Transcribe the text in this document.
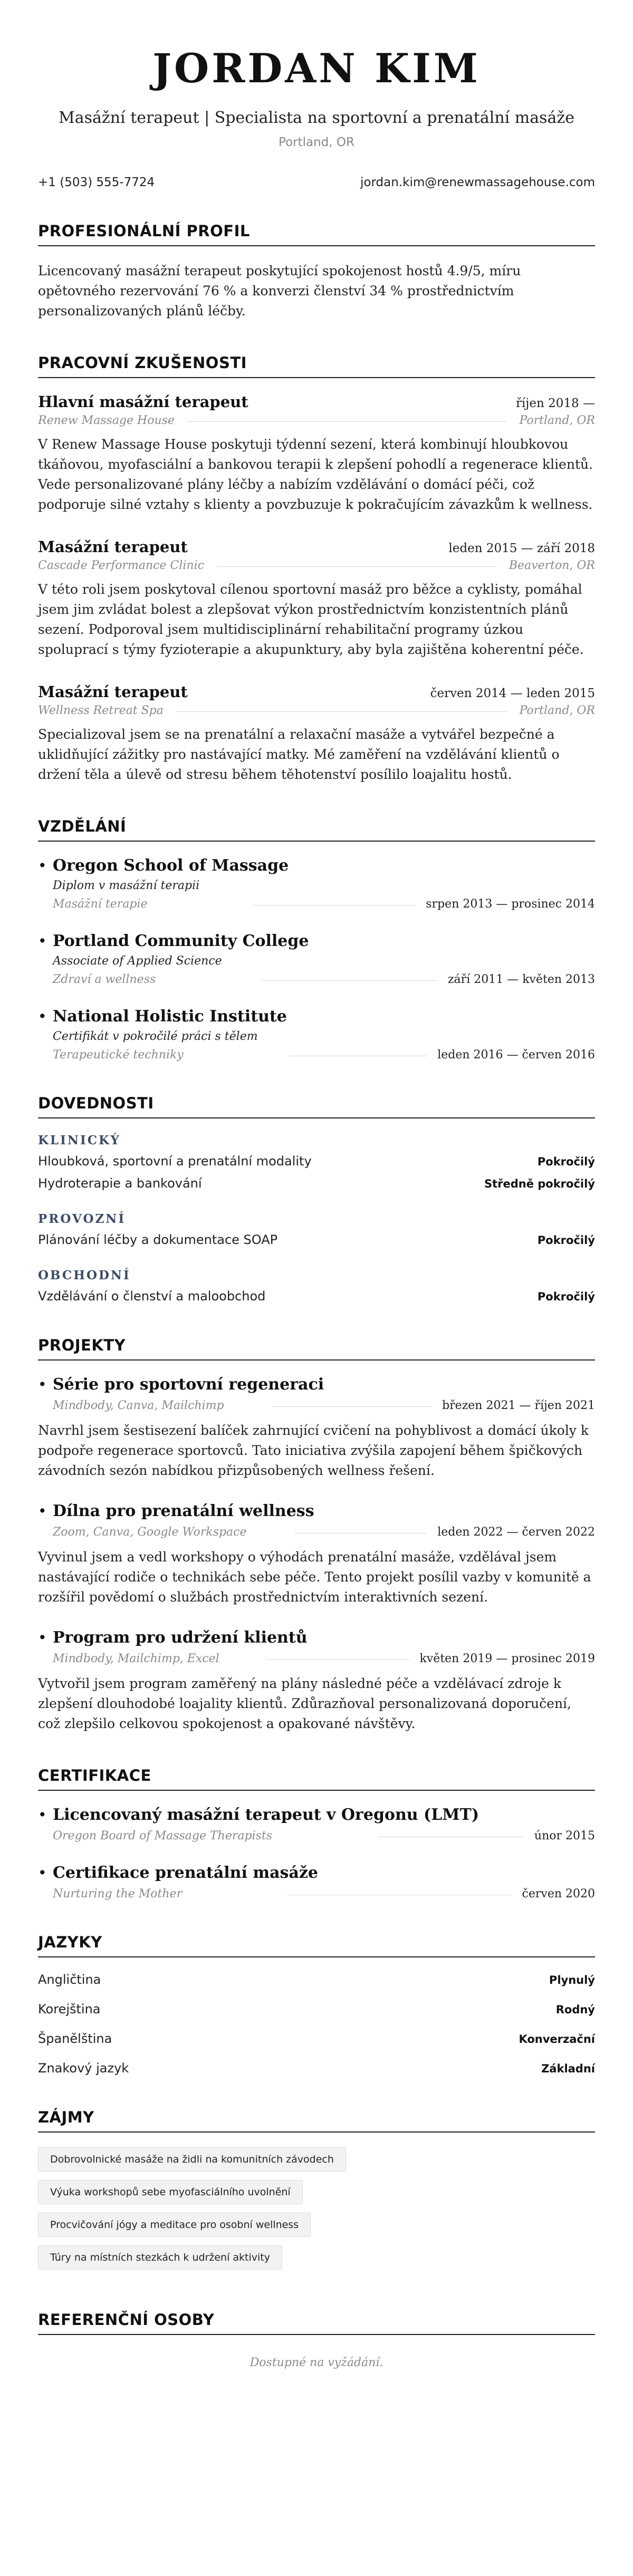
JORDAN KIM
Masážní terapeut | Specialista na sportovní a prenatální masáže
Portland, OR
+1 (503) 555-7724	jordan.kim@renewmassagehouse.com
PROFESIONÁLNÍ PROFIL

Licencovaný masážní terapeut poskytující spokojenost hostů 4.9/5, míru opětovného rezervování 76 % a konverzi členství 34 % prostřednictvím personalizovaných plánů léčby.

PRACOVNÍ ZKUŠENOSTI
Hlavní masážní terapeut	říjen 2018 —
Renew Massage House	Portland, OR

V Renew Massage House poskytuji týdenní sezení, která kombinují hloubkovou tkáňovou, myofasciální a bankovou terapii k zlepšení pohodlí a regenerace klientů. Vede personalizované plány léčby a nabízím vzdělávání o domácí péči, což podporuje silné vztahy s klienty a povzbuzuje k pokračujícím závazkům k wellness.

Masážní terapeut	leden 2015 — září 2018
Cascade Performance Clinic	Beaverton, OR

V této roli jsem poskytoval cílenou sportovní masáž pro běžce a cyklisty, pomáhal jsem jim zvládat bolest a zlepšovat výkon prostřednictvím konzistentních plánů sezení. Podporoval jsem multidisciplinární rehabilitační programy úzkou spoluprací s týmy fyzioterapie a akupunktury, aby byla zajištěna koherentní péče.

Masážní terapeut	červen 2014 — leden 2015
Wellness Retreat Spa	Portland, OR

Specializoval jsem se na prenatální a relaxační masáže a vytvářel bezpečné a uklidňující zážitky pro nastávající matky. Mé zaměření na vzdělávání klientů o držení těla a úlevě od stresu během těhotenství posílilo loajalitu hostů.

VZDĚLÁNÍ
• Oregon School of Massage
Diplom v masážní terapii
Masážní terapie	srpen 2013 — prosinec 2014
• Portland Community College
Associate of Applied Science
Zdraví a wellness	září 2011 — květen 2013
• National Holistic Institute
Certifikát v pokročilé práci s tělem
Terapeutické techniky	leden 2016 — červen 2016
DOVEDNOSTI
KLINICKÝ
Hloubková, sportovní a prenatální modality	Pokročilý
Hydroterapie a bankování	Středně pokročilý
PROVOZNÍ
Plánování léčby a dokumentace SOAP	Pokročilý
OBCHODNÍ
Vzdělávání o členství a maloobchod	Pokročilý
PROJEKTY
• Série pro sportovní regeneraci
Mindbody, Canva, Mailchimp	březen 2021 — říjen 2021

Navrhl jsem šestisezení balíček zahrnující cvičení na pohyblivost a domácí úkoly k podpoře regenerace sportovců. Tato iniciativa zvýšila zapojení během špičkových závodních sezón nabídkou přizpůsobených wellness řešení.

• Dílna pro prenatální wellness
Zoom, Canva, Google Workspace	leden 2022 — červen 2022

Vyvinul jsem a vedl workshopy o výhodách prenatální masáže, vzdělával jsem nastávající rodiče o technikách sebe péče. Tento projekt posílil vazby v komunitě a rozšířil povědomí o službách prostřednictvím interaktivních sezení.

• Program pro udržení klientů
Mindbody, Mailchimp, Excel	květen 2019 — prosinec 2019

Vytvořil jsem program zaměřený na plány následné péče a vzdělávací zdroje k zlepšení dlouhodobé loajality klientů. Zdůrazňoval personalizovaná doporučení, což zlepšilo celkovou spokojenost a opakované návštěvy.

CERTIFIKACE
• Licencovaný masážní terapeut v Oregonu (LMT)
Oregon Board of Massage Therapists	únor 2015
• Certifikace prenatální masáže
Nurturing the Mother	červen 2020
JAZYKY
Angličtina	Plynulý
Korejština	Rodný
Španělština	Konverzační
Znakový jazyk	Základní
ZÁJMY
Dobrovolnické masáže na židli na komunitních závodech
Výuka workshopů sebe myofasciálního uvolnění
Procvičování jógy a meditace pro osobní wellness
Túry na místních stezkách k udržení aktivity
REFERENČNÍ OSOBY
Dostupné na vyžádání.
